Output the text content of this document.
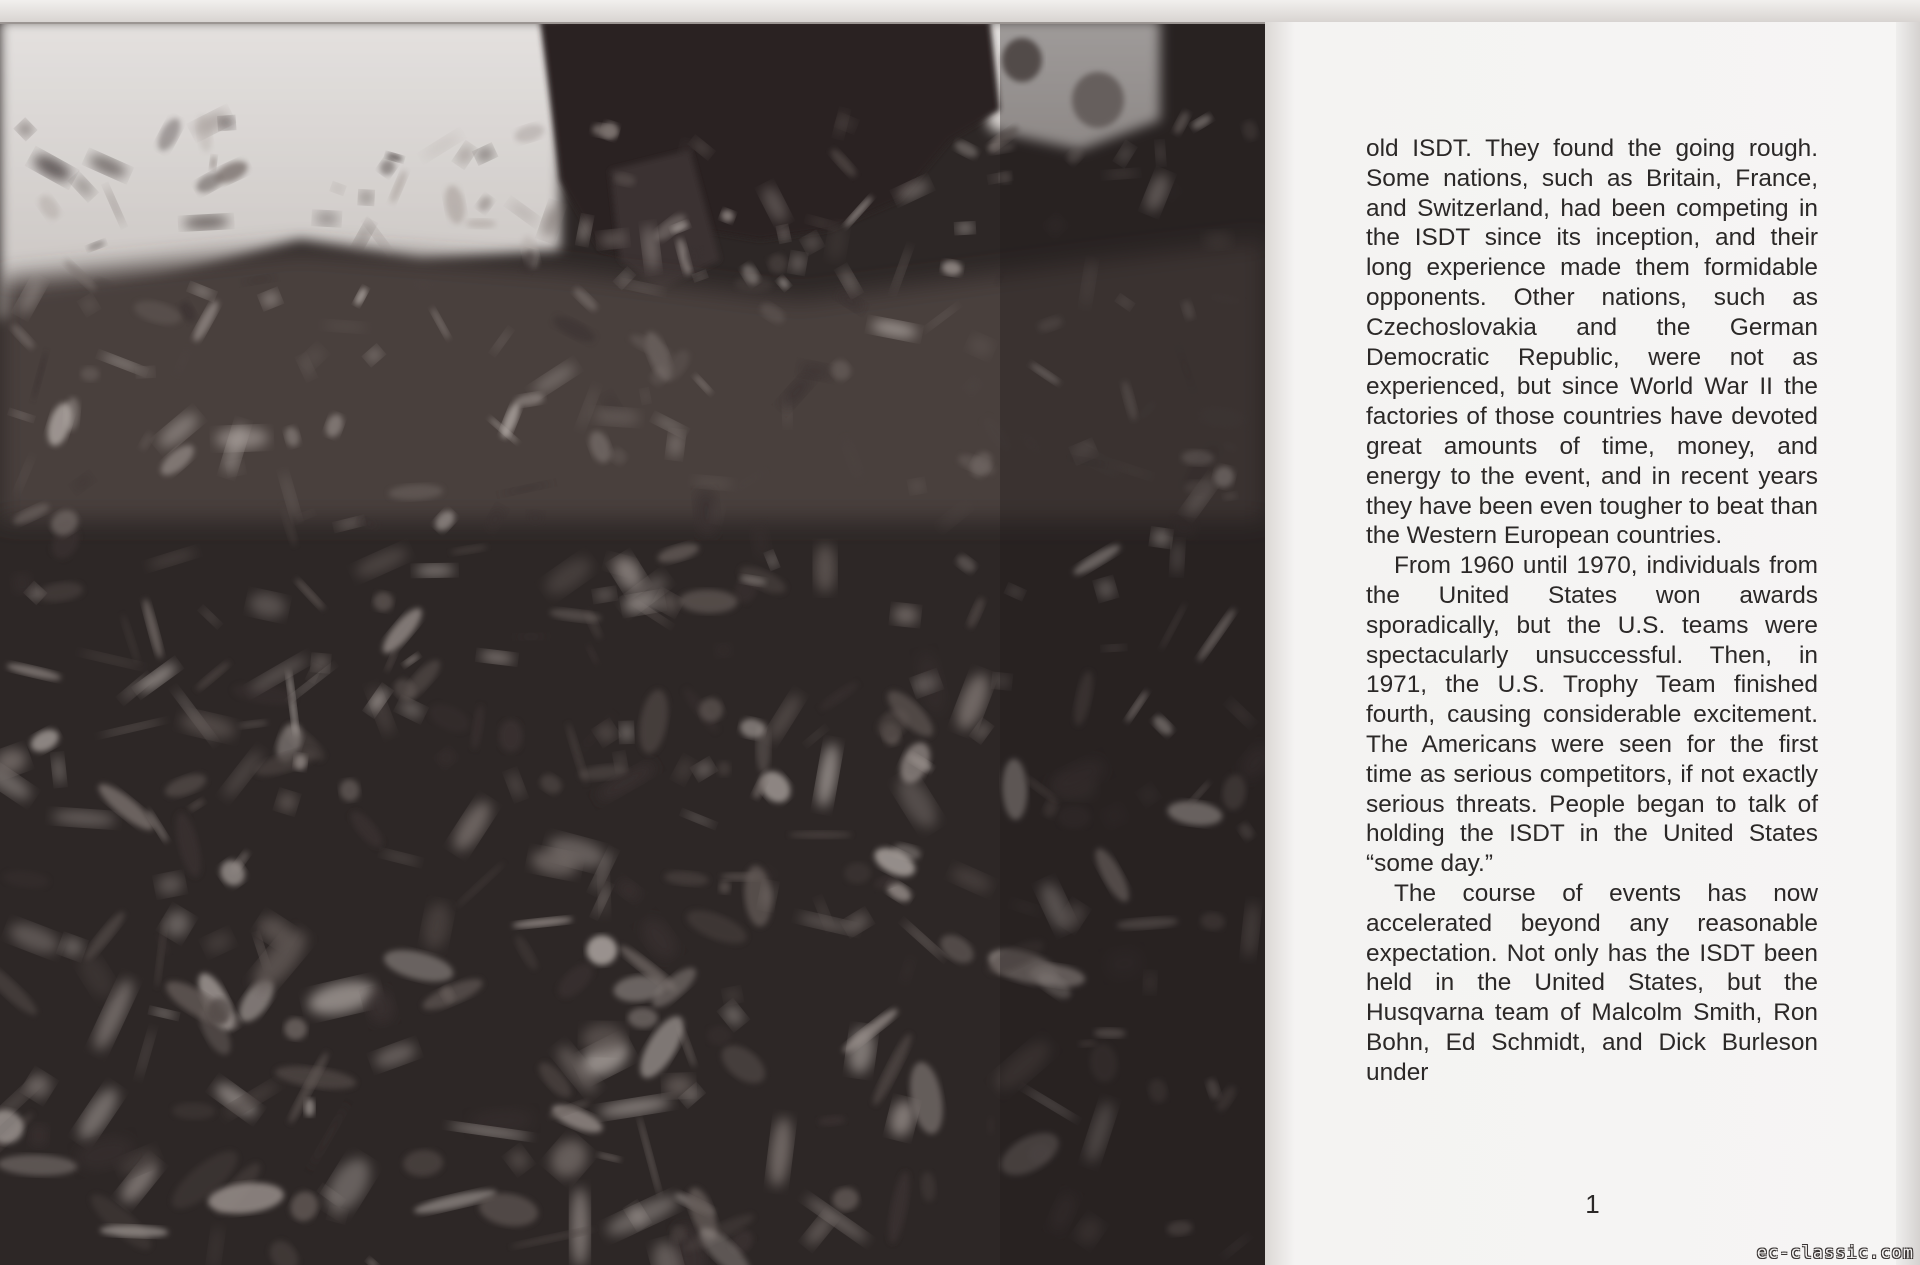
old ISDT. They found the going rough. Some nations, such as Britain, France, and Switzerland, had been competing in the ISDT since its inception, and their long experience made them formidable opponents. Other nations, such as Czechoslovakia and the German Democratic Republic, were not as experienced, but since World War II the factories of those countries have devoted great amounts of time, money, and energy to the event, and in recent years they have been even tougher to beat than the Western European countries.

From 1960 until 1970, individuals from the United States won awards sporadically, but the U.S. teams were spectacularly unsuccessful. Then, in 1971, the U.S. Trophy Team finished fourth, causing considerable excitement. The Americans were seen for the first time as serious competitors, if not exactly serious threats. People began to talk of holding the ISDT in the United States “some day.”

The course of events has now accelerated beyond any reasonable expectation. Not only has the ISDT been held in the United States, but the Husqvarna team of Malcolm Smith, Ron Bohn, Ed Schmidt, and Dick Burleson under

1
ec-classic.com
